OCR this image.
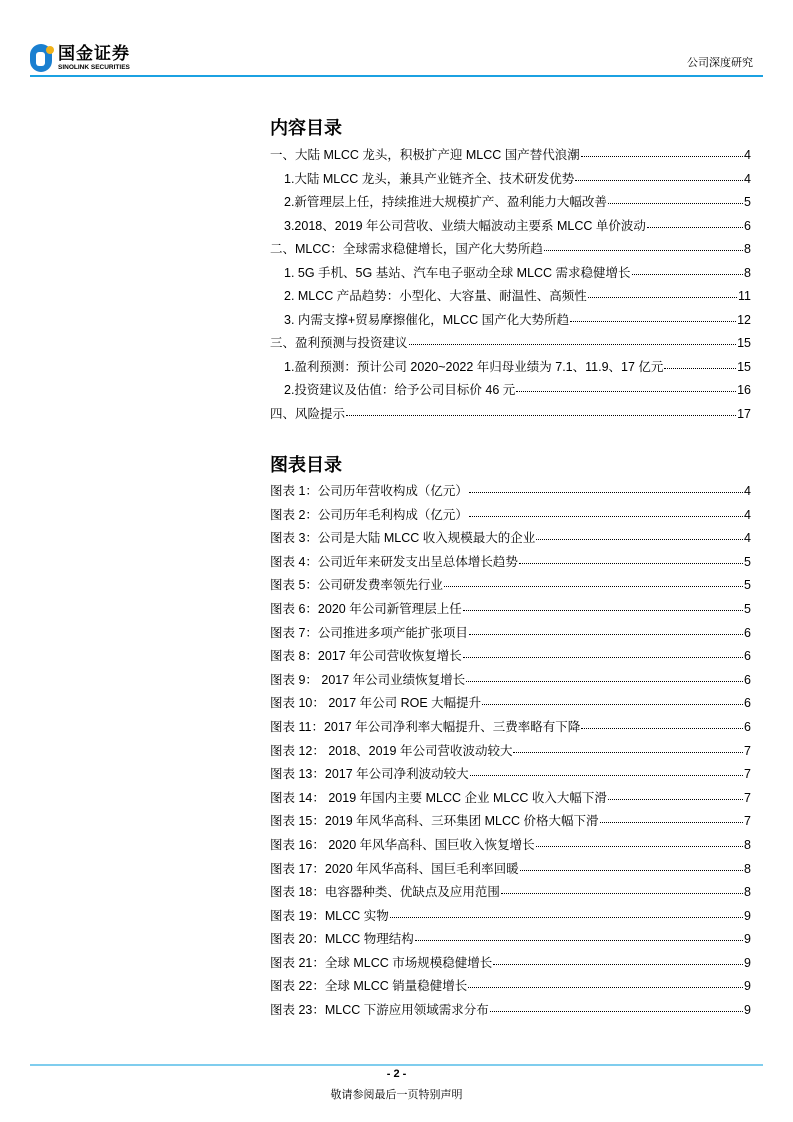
国金证券
SINOLINK SECURITIES	公司深度研究
内容目录
一、大陆 MLCC 龙头，积极扩产迎 MLCC 国产替代浪潮	4
1.大陆 MLCC 龙头，兼具产业链齐全、技术研发优势	4
2.新管理层上任，持续推进大规模扩产、盈利能力大幅改善	5
3.2018、2019 年公司营收、业绩大幅波动主要系 MLCC 单价波动	6
二、MLCC：全球需求稳健增长，国产化大势所趋	8
1. 5G 手机、5G 基站、汽车电子驱动全球 MLCC 需求稳健增长	8
2. MLCC 产品趋势：小型化、大容量、耐温性、高频性	11
3. 内需支撑+贸易摩擦催化，MLCC 国产化大势所趋	12
三、盈利预测与投资建议	15
1.盈利预测：预计公司 2020~2022 年归母业绩为 7.1、11.9、17 亿元	15
2.投资建议及估值：给予公司目标价 46 元	16
四、风险提示	17
图表目录
图表 1：公司历年营收构成（亿元）	4
图表 2：公司历年毛利构成（亿元）	4
图表 3：公司是大陆 MLCC 收入规模最大的企业	4
图表 4：公司近年来研发支出呈总体增长趋势	5
图表 5：公司研发费率领先行业	5
图表 6：2020 年公司新管理层上任	5
图表 7：公司推进多项产能扩张项目	6
图表 8：2017 年公司营收恢复增长	6
图表 9： 2017 年公司业绩恢复增长	6
图表 10： 2017 年公司 ROE 大幅提升	6
图表 11：2017 年公司净利率大幅提升、三费率略有下降	6
图表 12： 2018、2019 年公司营收波动较大	7
图表 13：2017 年公司净利波动较大	7
图表 14： 2019 年国内主要 MLCC 企业 MLCC 收入大幅下滑	7
图表 15：2019 年风华高科、三环集团 MLCC 价格大幅下滑	7
图表 16： 2020 年风华高科、国巨收入恢复增长	8
图表 17：2020 年风华高科、国巨毛利率回暖	8
图表 18：电容器种类、优缺点及应用范围	8
图表 19：MLCC 实物	9
图表 20：MLCC 物理结构	9
图表 21：全球 MLCC 市场规模稳健增长	9
图表 22：全球 MLCC 销量稳健增长	9
图表 23：MLCC 下游应用领域需求分布	9
- 2 -
敬请参阅最后一页特别声明
